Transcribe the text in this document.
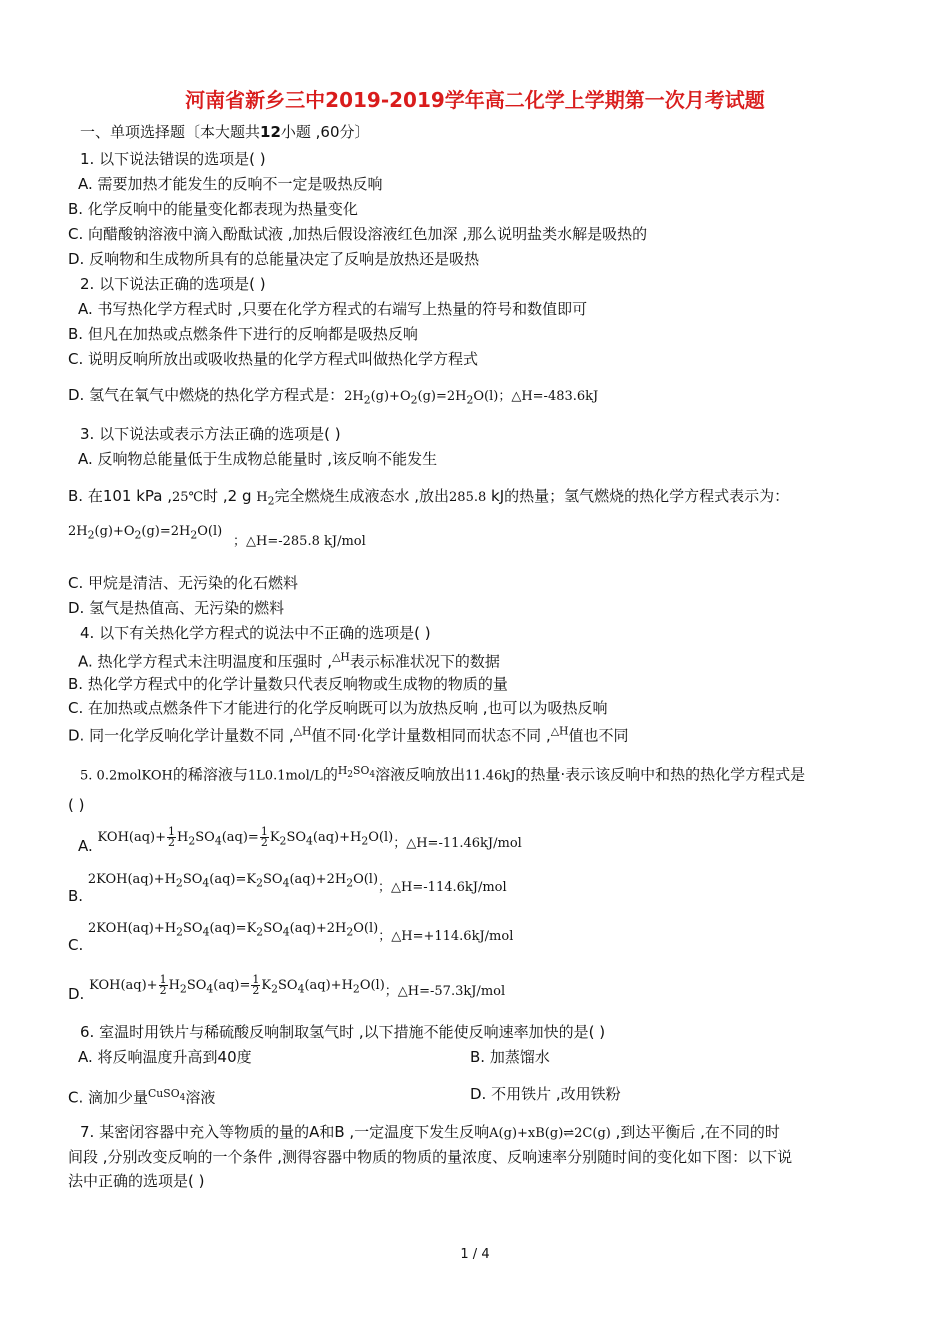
河南省新乡三中2019-2019学年高二化学上学期第一次月考试题
一、单项选择题〔本大题共12小题 ,60分〕
1. 以下说法错误的选项是( )
A. 需要加热才能发生的反响不一定是吸热反响
B. 化学反响中的能量变化都表现为热量变化
C. 向醋酸钠溶液中滴入酚酞试液 ,加热后假设溶液红色加深 ,那么说明盐类水解是吸热的
D. 反响物和生成物所具有的总能量决定了反响是放热还是吸热
2. 以下说法正确的选项是( )
A. 书写热化学方程式时 ,只要在化学方程式的右端写上热量的符号和数值即可
B. 但凡在加热或点燃条件下进行的反响都是吸热反响
C. 说明反响所放出或吸收热量的化学方程式叫做热化学方程式
D. 氢气在氧气中燃烧的热化学方程式是：$2H_2(g)+O_2(g)=2H_2O(l)$；△H=-483.6kJ
3. 以下说法或表示方法正确的选项是( )
A. 反响物总能量低于生成物总能量时 ,该反响不能发生
B. 在101 kPa ,25℃时 ,2 g $H_2$完全燃烧生成液态水 ,放出285.8 kJ的热量；氢气燃烧的热化学方程式表示为：
$2H_2(g)+O_2(g)=2H_2O(l)$
；△H=-285.8 kJ/mol
C. 甲烷是清洁、无污染的化石燃料
D. 氢气是热值高、无污染的燃料
4. 以下有关热化学方程式的说法中不正确的选项是( )
A. 热化学方程式未注明温度和压强时 ,$^{\triangle H}$表示标准状况下的数据
B. 热化学方程式中的化学计量数只代表反响物或生成物的物质的量
C. 在加热或点燃条件下才能进行的化学反响既可以为放热反响 ,也可以为吸热反响
D. 同一化学反响化学计量数不同 ,$^{\triangle H}$值不同·化学计量数相同而状态不同 ,$^{\triangle H}$值也不同
5. 0.2molKOH的稀溶液与1L0.1mol/L的$^{H_2SO_4}$溶液反响放出11.46kJ的热量·表示该反响中和热的热化学方程式是
( )
A. $KOH(aq)+ \frac{1}{2} H_2SO_4(aq)= \frac{1}{2} K_2SO_4(aq)+H_2O(l)$；△H=-11.46kJ/mol
B. $2KOH(aq)+H_2SO_4(aq)=K_2SO_4(aq)+2H_2O(l)$；△H=-114.6kJ/mol
C. $2KOH(aq)+H_2SO_4(aq)=K_2SO_4(aq)+2H_2O(l)$；△H=+114.6kJ/mol
D. $KOH(aq)+ \frac{1}{2} H_2SO_4(aq)= \frac{1}{2} K_2SO_4(aq)+H_2O(l)$；△H=-57.3kJ/mol
6. 室温时用铁片与稀硫酸反响制取氢气时 ,以下措施不能使反响速率加快的是( )
A. 将反响温度升高到40度	B. 加蒸馏水
C. 滴加少量$^{CuSO_4}$溶液	D. 不用铁片 ,改用铁粉
7. 某密闭容器中充入等物质的量的A和B ,一定温度下发生反响A(g)+xB(g)⇌2C(g) ,到达平衡后 ,在不同的时
间段 ,分别改变反响的一个条件 ,测得容器中物质的物质的量浓度、反响速率分别随时间的变化如下图：以下说
法中正确的选项是( )
1 / 4
